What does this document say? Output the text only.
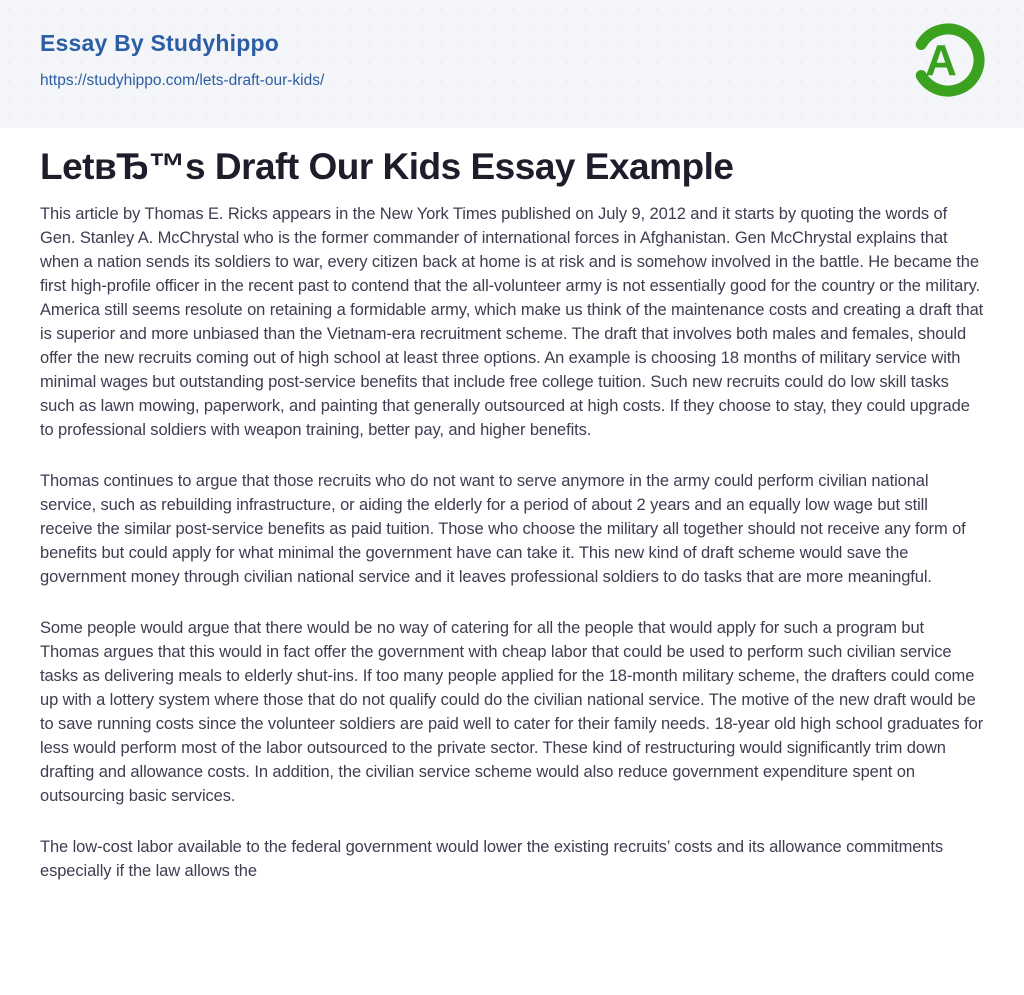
Essay By Studyhippo
https://studyhippo.com/lets-draft-our-kids/	A
LetвЂ™s Draft Our Kids Essay Example

This article by Thomas E. Ricks appears in the New York Times published on July 9, 2012 and it starts by quoting the words of Gen. Stanley A. McChrystal who is the former commander of international forces in Afghanistan. Gen McChrystal explains that when a nation sends its soldiers to war, every citizen back at home is at risk and is somehow involved in the battle. He became the first high-profile officer in the recent past to contend that the all-volunteer army is not essentially good for the country or the military. America still seems resolute on retaining a formidable army, which make us think of the maintenance costs and creating a draft that is superior and more unbiased than the Vietnam-era recruitment scheme. The draft that involves both males and females, should offer the new recruits coming out of high school at least three options. An example is choosing 18 months of military service with minimal wages but outstanding post-service benefits that include free college tuition. Such new recruits could do low skill tasks such as lawn mowing, paperwork, and painting that generally outsourced at high costs. If they choose to stay, they could upgrade to professional soldiers with weapon training, better pay, and higher benefits.

Thomas continues to argue that those recruits who do not want to serve anymore in the army could perform civilian national service, such as rebuilding infrastructure, or aiding the elderly for a period of about 2 years and an equally low wage but still receive the similar post-service benefits as paid tuition. Those who choose the military all together should not receive any form of benefits but could apply for what minimal the government have can take it. This new kind of draft scheme would save the government money through civilian national service and it leaves professional soldiers to do tasks that are more meaningful.

Some people would argue that there would be no way of catering for all the people that would apply for such a program but Thomas argues that this would in fact offer the government with cheap labor that could be used to perform such civilian service tasks as delivering meals to elderly shut-ins. If too many people applied for the 18-month military scheme, the drafters could come up with a lottery system where those that do not qualify could do the civilian national service. The motive of the new draft would be to save running costs since the volunteer soldiers are paid well to cater for their family needs. 18-year old high school graduates for less would perform most of the labor outsourced to the private sector. These kind of restructuring would significantly trim down drafting and allowance costs. In addition, the civilian service scheme would also reduce government expenditure spent on outsourcing basic services.

The low-cost labor available to the federal government would lower the existing recruits’ costs and its allowance commitments especially if the law allows the
